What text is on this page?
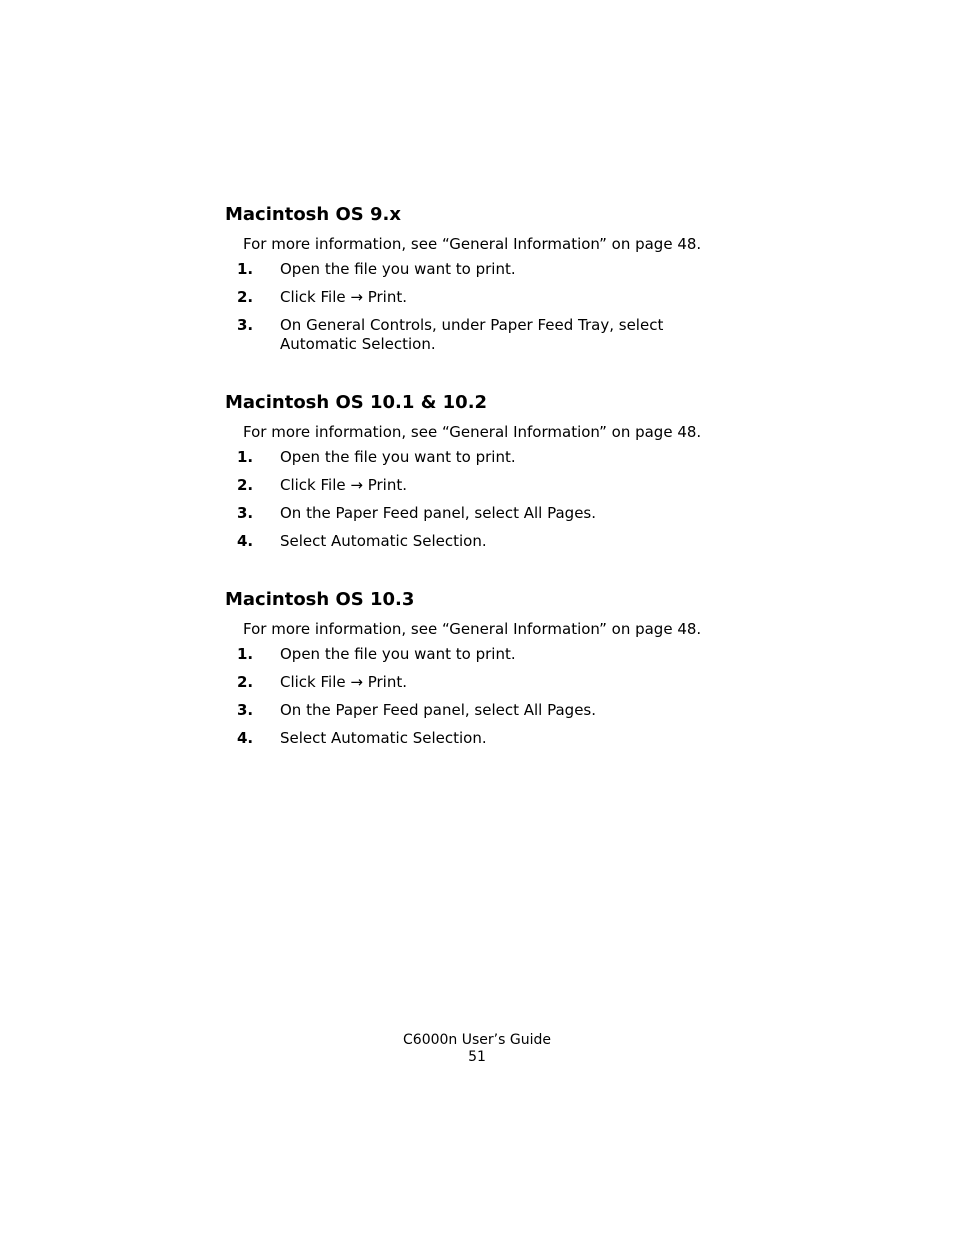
Macintosh OS 9.x

For more information, see “General Information” on page 48.

1.	Open the file you want to print.
2.	Click File → Print.
3.	On General Controls, under Paper Feed Tray, select Automatic Selection.
Macintosh OS 10.1 & 10.2

For more information, see “General Information” on page 48.

1.	Open the file you want to print.
2.	Click File → Print.
3.	On the Paper Feed panel, select All Pages.
4.	Select Automatic Selection.
Macintosh OS 10.3

For more information, see “General Information” on page 48.

1.	Open the file you want to print.
2.	Click File → Print.
3.	On the Paper Feed panel, select All Pages.
4.	Select Automatic Selection.
C6000n User’s Guide
51
